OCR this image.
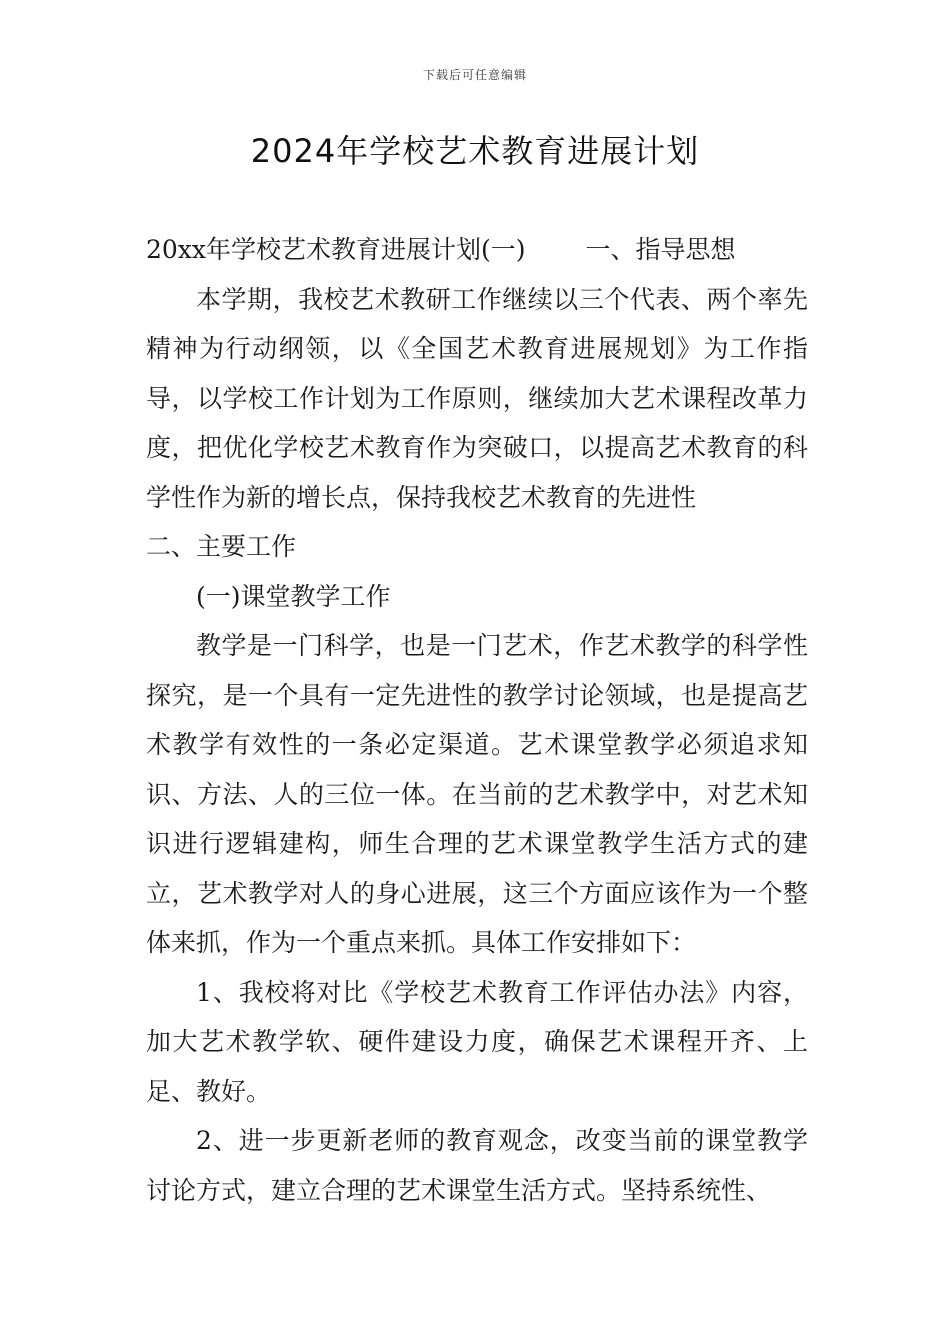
下载后可任意编辑
2024年学校艺术教育进展计划

20xx年学校艺术教育进展计划(一) 一、指导思想

本学期，我校艺术教研工作继续以三个代表、两个率先精神为行动纲领，以《全国艺术教育进展规划》为工作指导，以学校工作计划为工作原则，继续加大艺术课程改革力度，把优化学校艺术教育作为突破口，以提高艺术教育的科学性作为新的增长点，保持我校艺术教育的先进性

二、主要工作

(一)课堂教学工作

教学是一门科学，也是一门艺术，作艺术教学的科学性探究，是一个具有一定先进性的教学讨论领域，也是提高艺术教学有效性的一条必定渠道。艺术课堂教学必须追求知识、方法、人的三位一体。在当前的艺术教学中，对艺术知识进行逻辑建构，师生合理的艺术课堂教学生活方式的建立，艺术教学对人的身心进展，这三个方面应该作为一个整体来抓，作为一个重点来抓。具体工作安排如下：

1、我校将对比《学校艺术教育工作评估办法》内容，加大艺术教学软、硬件建设力度，确保艺术课程开齐、上足、教好。

2、进一步更新老师的教育观念，改变当前的课堂教学讨论方式，建立合理的艺术课堂生活方式。坚持系统性、
